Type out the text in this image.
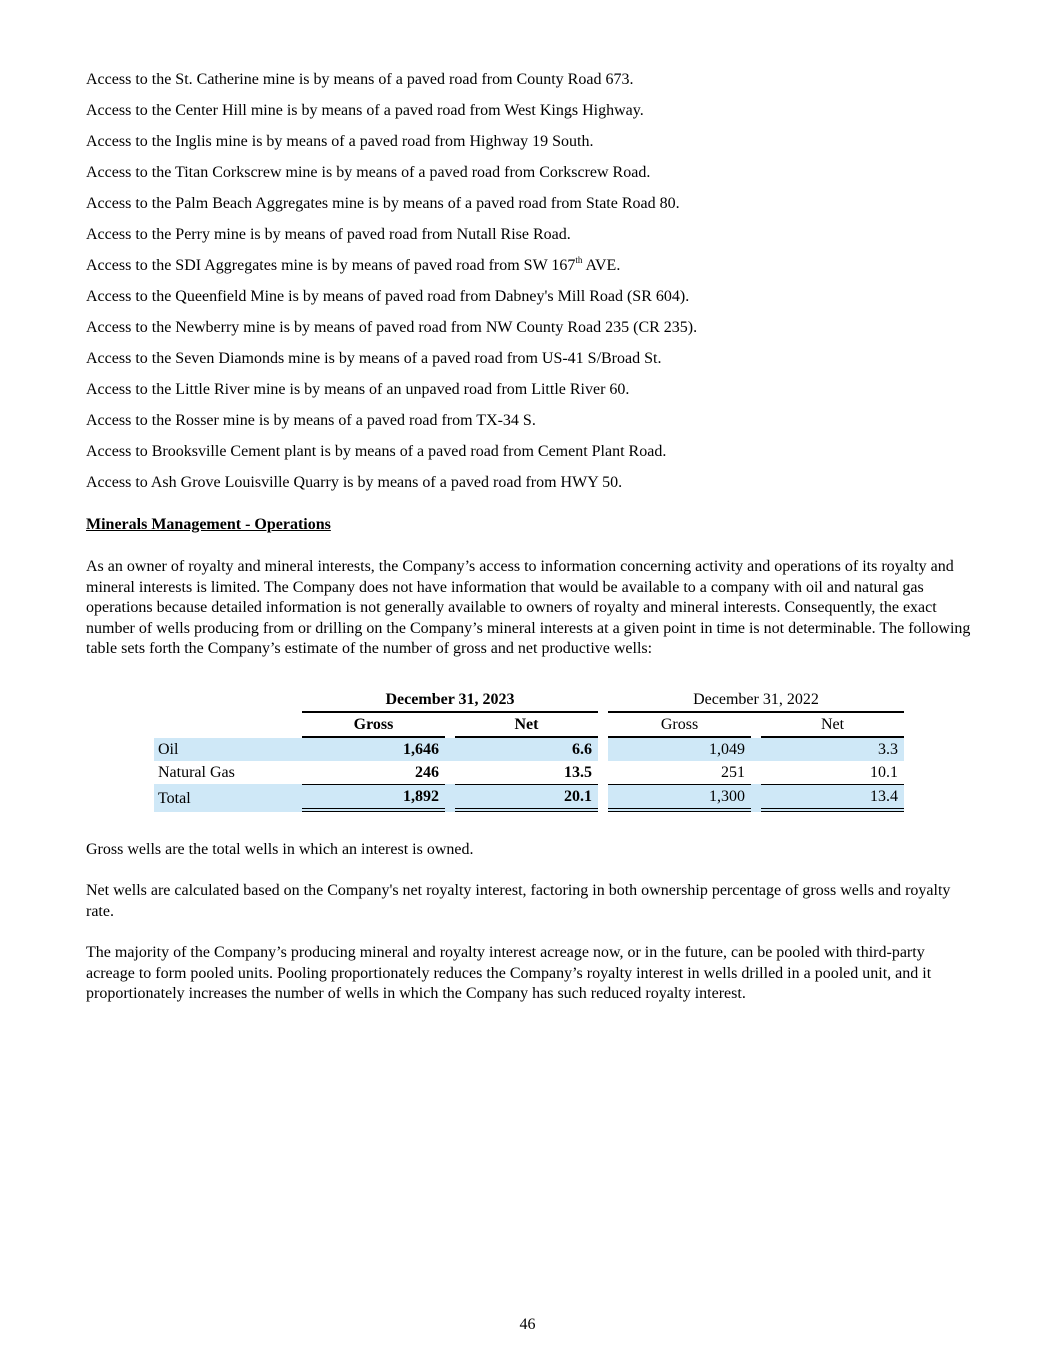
Access to the St. Catherine mine is by means of a paved road from County Road 673.
Access to the Center Hill mine is by means of a paved road from West Kings Highway.
Access to the Inglis mine is by means of a paved road from Highway 19 South.
Access to the Titan Corkscrew mine is by means of a paved road from Corkscrew Road.
Access to the Palm Beach Aggregates mine is by means of a paved road from State Road 80.
Access to the Perry mine is by means of paved road from Nutall Rise Road.
Access to the SDI Aggregates mine is by means of paved road from SW 167th AVE.
Access to the Queenfield Mine is by means of paved road from Dabney's Mill Road (SR 604).
Access to the Newberry mine is by means of paved road from NW County Road 235 (CR 235).
Access to the Seven Diamonds mine is by means of a paved road from US-41 S/Broad St.
Access to the Little River mine is by means of an unpaved road from Little River 60.
Access to the Rosser mine is by means of a paved road from TX-34 S.
Access to Brooksville Cement plant is by means of a paved road from Cement Plant Road.
Access to Ash Grove Louisville Quarry is by means of a paved road from HWY 50.
Minerals Management - Operations

As an owner of royalty and mineral interests, the Company’s access to information concerning activity and operations of its royalty and mineral interests is limited. The Company does not have information that would be available to a company with oil and natural gas operations because detailed information is not generally available to owners of royalty and mineral interests. Consequently, the exact number of wells producing from or drilling on the Company’s mineral interests at a given point in time is not determinable. The following table sets forth the Company’s estimate of the number of gross and net productive wells:

	December 31, 2023				December 31, 2022		
	Gross		Net		Gross		Net
Oil	1,646		6.6		1,049		3.3
Natural Gas	246		13.5		251		10.1
Total	1,892		20.1		1,300		13.4

Gross wells are the total wells in which an interest is owned.

Net wells are calculated based on the Company's net royalty interest, factoring in both ownership percentage of gross wells and royalty rate.

The majority of the Company’s producing mineral and royalty interest acreage now, or in the future, can be pooled with third-party acreage to form pooled units. Pooling proportionately reduces the Company’s royalty interest in wells drilled in a pooled unit, and it proportionately increases the number of wells in which the Company has such reduced royalty interest.

46
